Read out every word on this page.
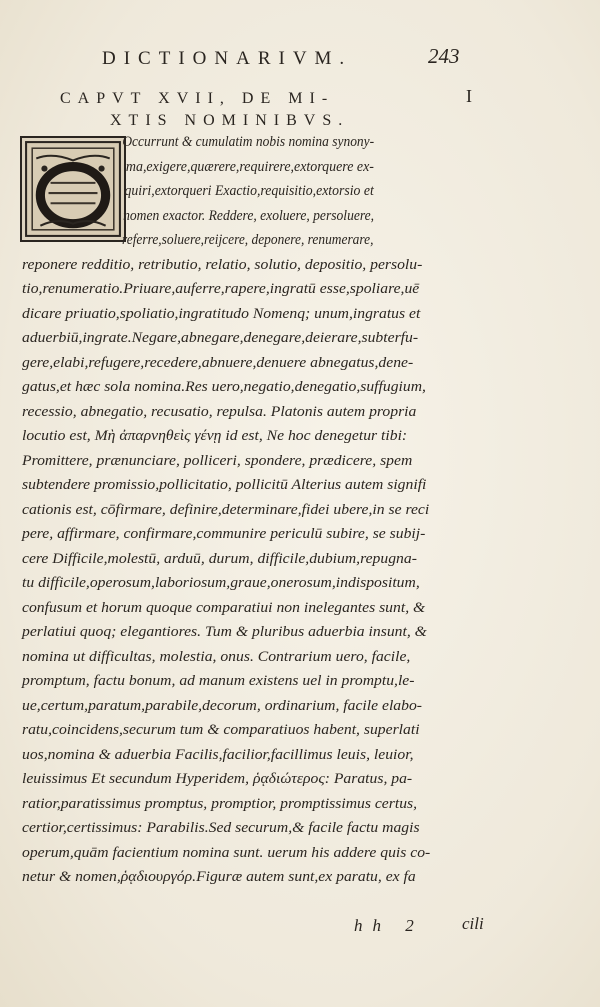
DICTIONARIVM.	243
CAPVT XVII, DE MI-
XTIS NOMINIBVS.
I
Occurrunt & cumulatim nobis nomina synony-
ma,exigere,quærere,requirere,extorquere ex-
quiri,extorqueri Exactio,requisitio,extorsio et
nomen exactor. Reddere, exoluere, persoluere,
referre,soluere,reijcere, deponere, renumerare,
reponere redditio, retributio, relatio, solutio, depositio, persolu-
tio,renumeratio.Priuare,auferre,rapere,ingratū esse,spoliare,uē
dicare priuatio,spoliatio,ingratitudo Nomenq; unum,ingratus et
aduerbiū,ingrate.Negare,abnegare,denegare,deierare,subterfu-
gere,elabi,refugere,recedere,abnuere,denuere abnegatus,dene-
gatus,et hæc sola nomina.Res uero,negatio,denegatio,suffugium,
recessio, abnegatio, recusatio, repulsa. Platonis autem propria
locutio est, Μὴ ἀπαρνηθεὶς γένῃ id est, Ne hoc denegetur tibi:
Promittere, prænunciare, polliceri, spondere, prædicere, spem
subtendere promissio,pollicitatio, pollicitū Alterius autem signifi
cationis est, cōfirmare, definire,determinare,fidei ubere,in se reci
pere, affirmare, confirmare,communire periculū subire, se subij-
cere Difficile,molestū, arduū, durum, difficile,dubium,repugna-
tu difficile,operosum,laboriosum,graue,onerosum,indispositum,
confusum et horum quoque comparatiui non inelegantes sunt, &
perlatiui quoq; elegantiores. Tum & pluribus aduerbia insunt, &
nomina ut difficultas, molestia, onus. Contrarium uero, facile,
promptum, factu bonum, ad manum existens uel in promptu,le-
ue,certum,paratum,parabile,decorum, ordinarium, facile elabo-
ratu,coincidens,securum tum & comparatiuos habent, superlati
uos,nomina & aduerbia Facilis,facilior,facillimus leuis, leuior,
leuissimus Et secundum Hyperidem, ῥᾳδιώτερος: Paratus, pa-
ratior,paratissimus promptus, promptior, promptissimus certus,
certior,certissimus: Parabilis.Sed securum,& facile factu magis
operum,quām facientium nomina sunt. uerum his addere quis co-
netur & nomen,ῥᾳδιουργόρ.Figuræ autem sunt,ex paratu, ex fa
hh 2 cili
